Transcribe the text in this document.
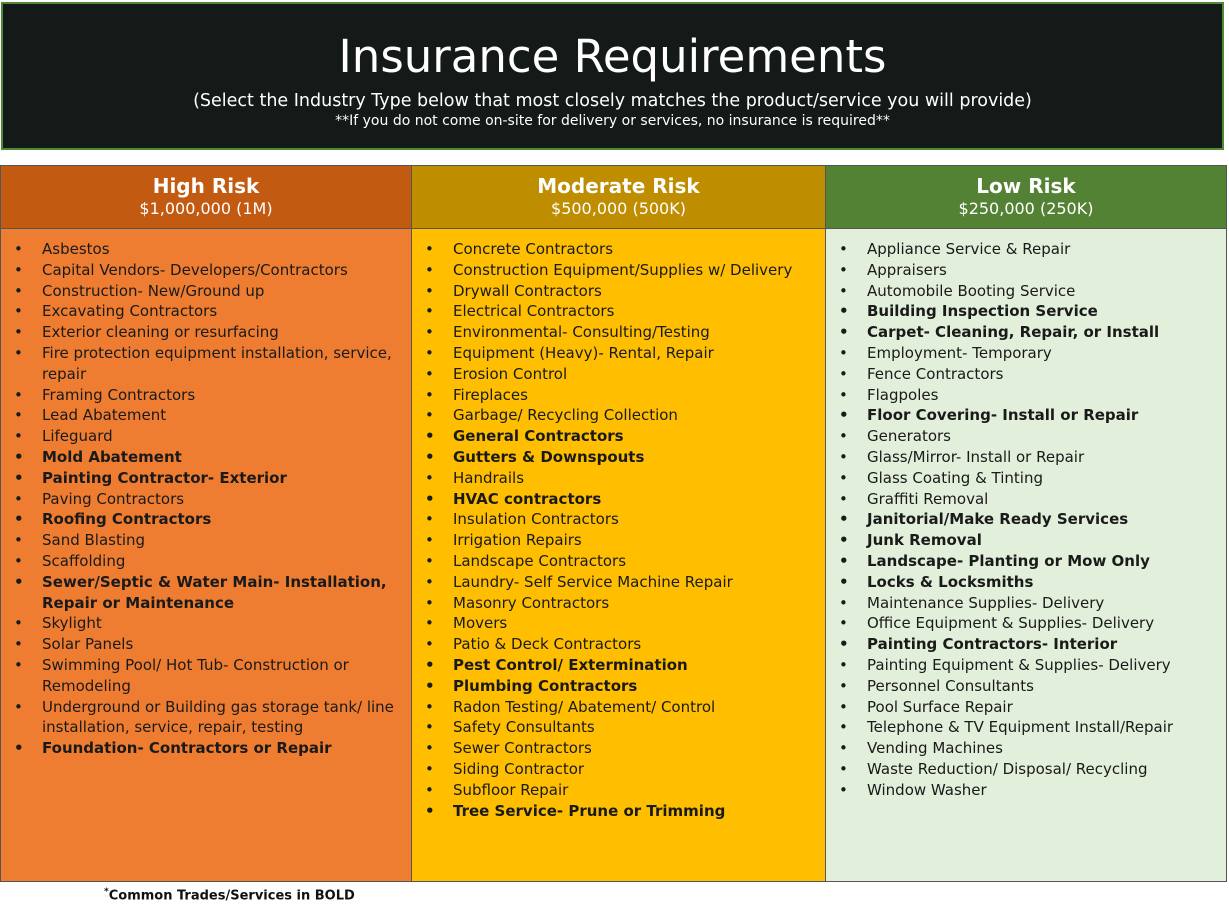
Insurance Requirements
(Select the Industry Type below that most closely matches the product/service you will provide)
**If you do not come on-site for delivery or services, no insurance is required**
High Risk
$1,000,000 (1M)
• Asbestos
• Capital Vendors- Developers/Contractors
• Construction- New/Ground up
• Excavating Contractors
• Exterior cleaning or resurfacing
• Fire protection equipment installation, service, repair
• Framing Contractors
• Lead Abatement
• Lifeguard
• Mold Abatement
• Painting Contractor- Exterior
• Paving Contractors
• Roofing Contractors
• Sand Blasting
• Scaffolding
• Sewer/Septic & Water Main- Installation, Repair or Maintenance
• Skylight
• Solar Panels
• Swimming Pool/ Hot Tub- Construction or Remodeling
• Underground or Building gas storage tank/ line installation, service, repair, testing
• Foundation- Contractors or Repair
Moderate Risk
$500,000 (500K)
• Concrete Contractors
• Construction Equipment/Supplies w/ Delivery
• Drywall Contractors
• Electrical Contractors
• Environmental- Consulting/Testing
• Equipment (Heavy)- Rental, Repair
• Erosion Control
• Fireplaces
• Garbage/ Recycling Collection
• General Contractors
• Gutters & Downspouts
• Handrails
• HVAC contractors
• Insulation Contractors
• Irrigation Repairs
• Landscape Contractors
• Laundry- Self Service Machine Repair
• Masonry Contractors
• Movers
• Patio & Deck Contractors
• Pest Control/ Extermination
• Plumbing Contractors
• Radon Testing/ Abatement/ Control
• Safety Consultants
• Sewer Contractors
• Siding Contractor
• Subfloor Repair
• Tree Service- Prune or Trimming
Low Risk
$250,000 (250K)
• Appliance Service & Repair
• Appraisers
• Automobile Booting Service
• Building Inspection Service
• Carpet- Cleaning, Repair, or Install
• Employment- Temporary
• Fence Contractors
• Flagpoles
• Floor Covering- Install or Repair
• Generators
• Glass/Mirror- Install or Repair
• Glass Coating & Tinting
• Graffiti Removal
• Janitorial/Make Ready Services
• Junk Removal
• Landscape- Planting or Mow Only
• Locks & Locksmiths
• Maintenance Supplies- Delivery
• Office Equipment & Supplies- Delivery
• Painting Contractors- Interior
• Painting Equipment & Supplies- Delivery
• Personnel Consultants
• Pool Surface Repair
• Telephone & TV Equipment Install/Repair
• Vending Machines
• Waste Reduction/ Disposal/ Recycling
• Window Washer
*Common Trades/Services in BOLD
